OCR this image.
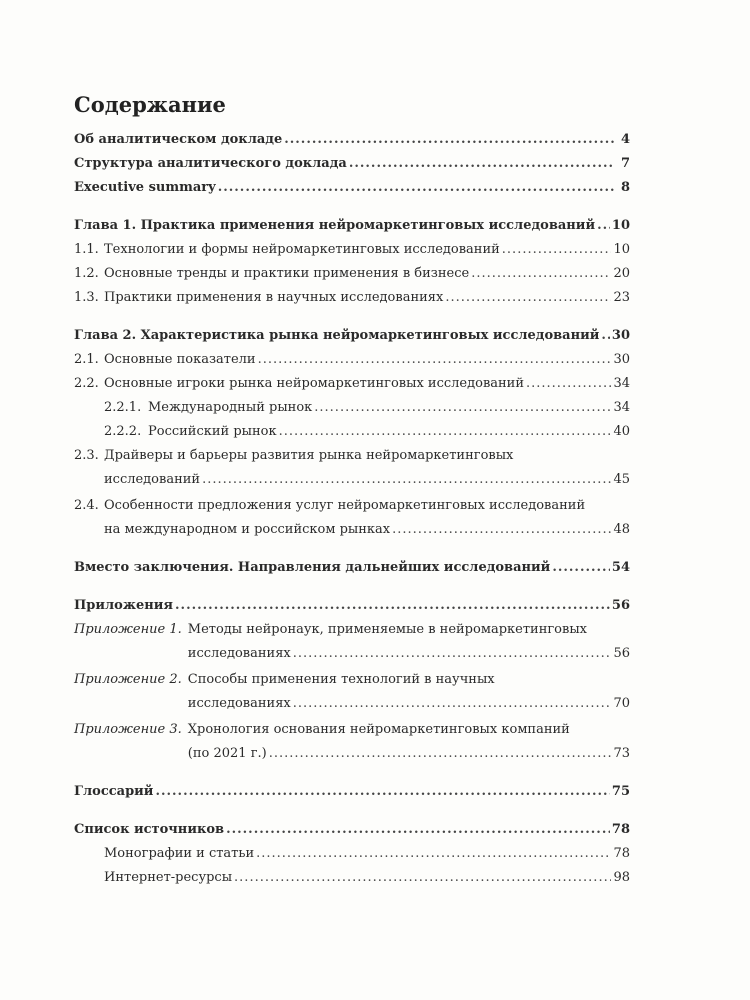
Содержание
Об аналитическом докладе .....	4
Структура аналитического доклада .....	7
Executive summary .....	8
Глава 1. Практика применения нейромаркетинговых исследований ..... 10
1.1. Технологии и формы нейромаркетинговых исследований .....	10
1.2. Основные тренды и практики применения в бизнесе .....	20
1.3. Практики применения в научных исследованиях .....	23
Глава 2. Характеристика рынка нейромаркетинговых исследований ..... 30
2.1. Основные показатели .....	30
2.2. Основные игроки рынка нейромаркетинговых исследований .....	34
2.2.1. Международный рынок .....	34
2.2.2. Российский рынок .....	40
2.3. Драйверы и барьеры развития рынка нейромаркетинговых
исследований .....	45
2.4. Особенности предложения услуг нейромаркетинговых исследований
на международном и российском рынках .....	48
Вместо заключения. Направления дальнейших исследований .....	54
Приложения .....	56
Приложение 1. Методы нейронаук, применяемые в нейромаркетинговых
исследованиях .....	56
Приложение 2. Способы применения технологий в научных
исследованиях .....	70
Приложение 3. Хронология основания нейромаркетинговых компаний
(по 2021 г.) .....	73
Глоссарий .....	75
Список источников .....	78
Монографии и статьи .....	78
Интернет-ресурсы .....	98
